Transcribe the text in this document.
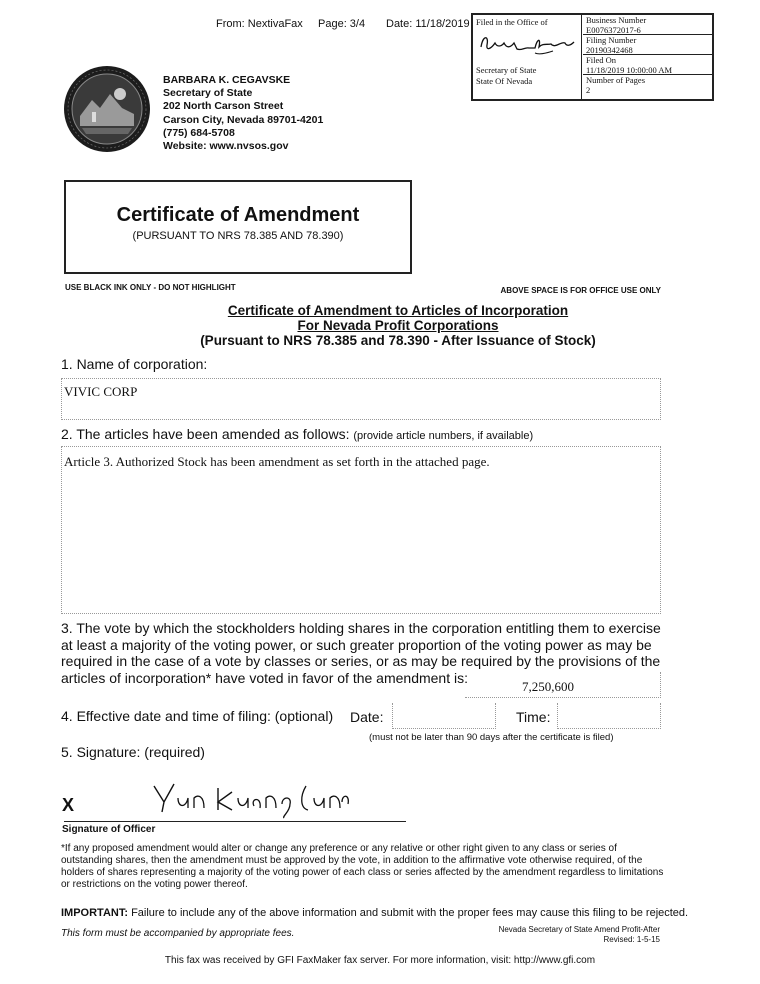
From: NextivaFax Page: 3/4 Date: 11/18/2019 Filed in the Office of
Secretary of State
State Of Nevada
Business Number
E0076372017-6
Filing Number
20190342468
Filed On
11/18/2019 10:00:00 AM
Number of Pages
2
BARBARA K. CEGAVSKE
Secretary of State
202 North Carson Street
Carson City, Nevada 89701-4201
(775) 684-5708
Website: www.nvsos.gov
Certificate of Amendment
(PURSUANT TO NRS 78.385 AND 78.390)
USE BLACK INK ONLY - DO NOT HIGHLIGHT	ABOVE SPACE IS FOR OFFICE USE ONLY
Certificate of Amendment to Articles of Incorporation
For Nevada Profit Corporations
(Pursuant to NRS 78.385 and 78.390 - After Issuance of Stock)
1. Name of corporation:
VIVIC CORP
2. The articles have been amended as follows: (provide article numbers, if available)
Article 3. Authorized Stock has been amendment as set forth in the attached page.
3. The vote by which the stockholders holding shares in the corporation entitling them to exercise at least a majority of the voting power, or such greater proportion of the voting power as may be required in the case of a vote by classes or series, or as may be required by the provisions of the articles of incorporation* have voted in favor of the amendment is:
7,250,600
4. Effective date and time of filing: (optional) Date:	Time:
(must not be later than 90 days after the certificate is filed)
5. Signature: (required)
X
Signature of Officer
*If any proposed amendment would alter or change any preference or any relative or other right given to any class or series of outstanding shares, then the amendment must be approved by the vote, in addition to the affirmative vote otherwise required, of the holders of shares representing a majority of the voting power of each class or series affected by the amendment regardless to limitations or restrictions on the voting power thereof.
IMPORTANT: Failure to include any of the above information and submit with the proper fees may cause this filing to be rejected.
This form must be accompanied by appropriate fees.	Nevada Secretary of State Amend Profit-After
Revised: 1-5-15
This fax was received by GFI FaxMaker fax server. For more information, visit: http://www.gfi.com
